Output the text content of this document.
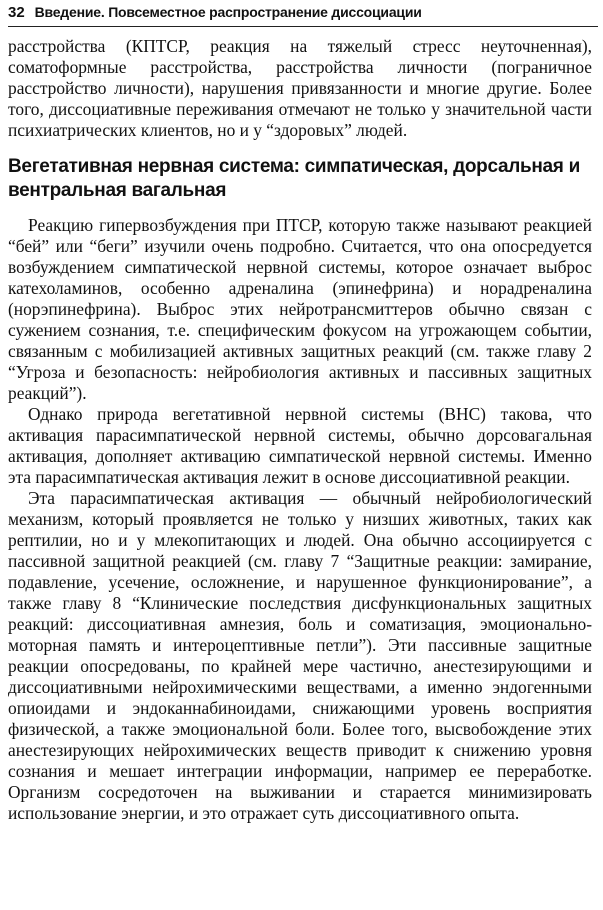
32 Введение. Повсеместное распространение диссоциации

расстройства (КПТСР, реакция на тяжелый стресс неуточненная), соматоформные расстройства, расстройства личности (пограничное расстройство личности), нарушения привязанности и многие другие. Более того, диссоциативные переживания отмечают не только у значительной части психиатрических клиентов, но и у “здоровых” людей.

Вегетативная нервная система: симпатическая, дорсальная и вентральная вагальная

Реакцию гипервозбуждения при ПТСР, которую также называют реакцией “бей” или “беги” изучили очень подробно. Считается, что она опосредуется возбуждением симпатической нервной системы, которое означает выброс катехоламинов, особенно адреналина (эпинефрина) и норадреналина (норэпинефрина). Выброс этих нейротрансмиттеров обычно связан с сужением сознания, т.е. специфическим фокусом на угрожающем событии, связанным с мобилизацией активных защитных реакций (см. также главу 2 “Угроза и безопасность: нейробиология активных и пассивных защитных реакций”).

Однако природа вегетативной нервной системы (ВНС) такова, что активация парасимпатической нервной системы, обычно дорсовагальная активация, дополняет активацию симпатической нервной системы. Именно эта парасимпатическая активация лежит в основе диссоциативной реакции.

Эта парасимпатическая активация — обычный нейробиологический механизм, который проявляется не только у низших животных, таких как рептилии, но и у млекопитающих и людей. Она обычно ассоциируется с пассивной защитной реакцией (см. главу 7 “Защитные реакции: замирание, подавление, усечение, осложнение, и нарушенное функционирование”, а также главу 8 “Клинические последствия дисфункциональных защитных реакций: диссоциативная амнезия, боль и соматизация, эмоционально-моторная память и интероцептивные петли”). Эти пассивные защитные реакции опосредованы, по крайней мере частично, анестезирующими и диссоциативными нейрохимическими веществами, а именно эндогенными опиоидами и эндоканнабиноидами, снижающими уровень восприятия физической, а также эмоциональной боли. Более того, высвобождение этих анестезирующих нейрохимических веществ приводит к снижению уровня сознания и мешает интеграции информации, например ее переработке. Организм сосредоточен на выживании и старается минимизировать использование энергии, и это отражает суть диссоциативного опыта.
